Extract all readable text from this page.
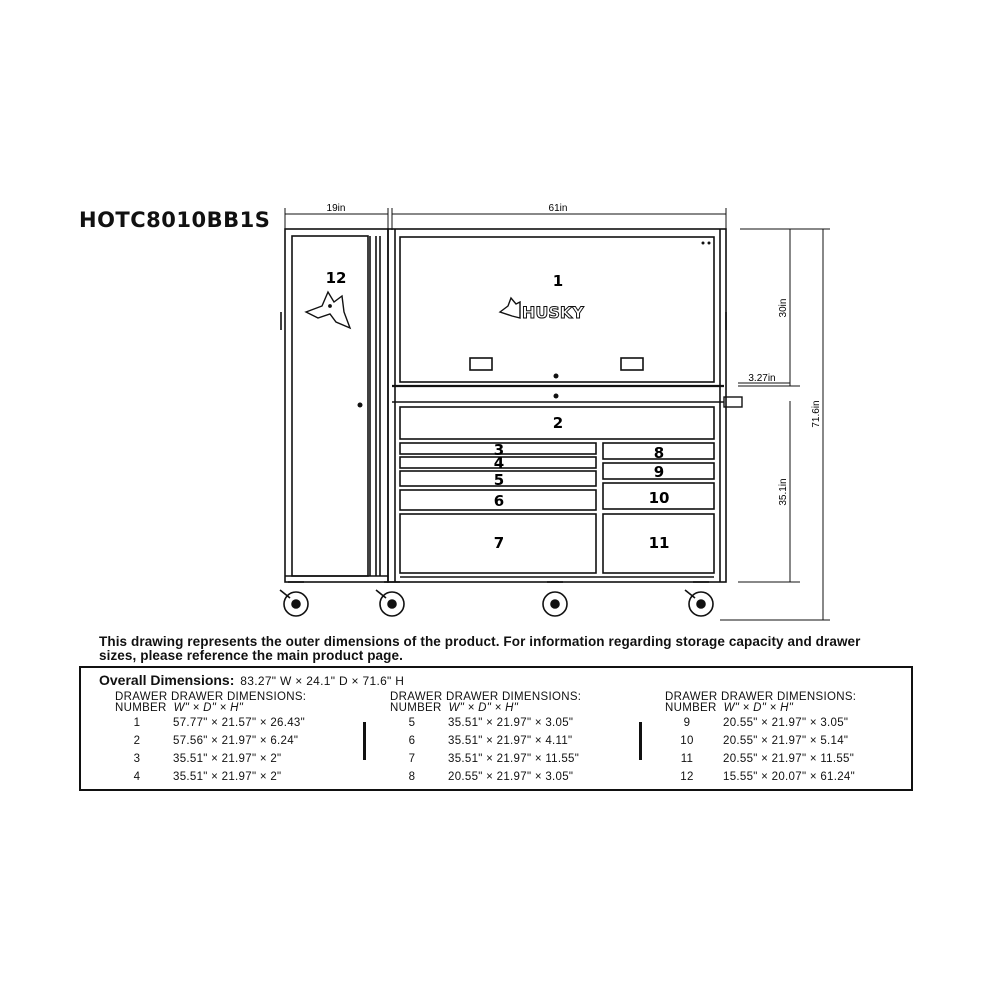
HOTC8010BB1S
HUSKY
19in	61in
3.27in
30in
71.6in
35.1in
1
2
3
4
5
6
7
8
9
10
11
12
This drawing represents the outer dimensions of the product. For information regarding storage capacity and drawer sizes, please reference the main product page.
Overall Dimensions: 83.27" W × 24.1" D × 71.6" H
DRAWER DRAWER DIMENSIONS:
NUMBER W" × D" × H"
1	57.77" × 21.57" × 26.43"
2	57.56" × 21.97" × 6.24"
3	35.51" × 21.97" × 2"
4	35.51" × 21.97" × 2"
DRAWER DRAWER DIMENSIONS:
NUMBER W" × D" × H"
5	35.51" × 21.97" × 3.05"
6	35.51" × 21.97" × 4.11"
7	35.51" × 21.97" × 11.55"
8	20.55" × 21.97" × 3.05"
DRAWER DRAWER DIMENSIONS:
NUMBER W" × D" × H"
9	20.55" × 21.97" × 3.05"
10	20.55" × 21.97" × 5.14"
11	20.55" × 21.97" × 11.55"
12	15.55" × 20.07" × 61.24"
